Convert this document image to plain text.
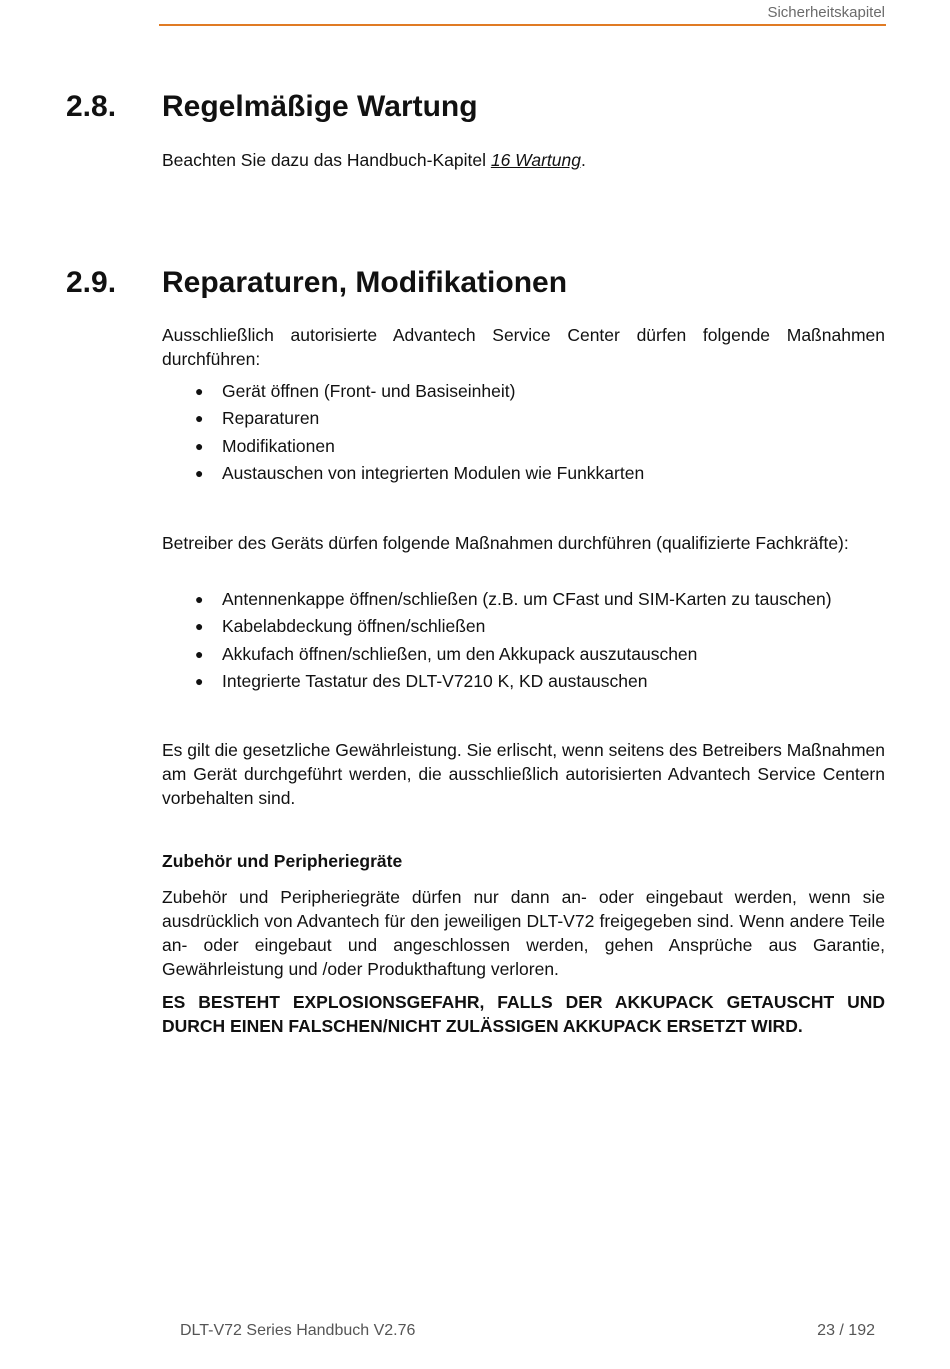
Sicherheitskapitel
2.8. Regelmäßige Wartung

Beachten Sie dazu das Handbuch-Kapitel 16 Wartung.

2.9. Reparaturen, Modifikationen

Ausschließlich autorisierte Advantech Service Center dürfen folgende Maßnahmen durchführen:

● Gerät öffnen (Front- und Basiseinheit)
● Reparaturen
● Modifikationen
● Austauschen von integrierten Modulen wie Funkkarten

Betreiber des Geräts dürfen folgende Maßnahmen durchführen (qualifizierte Fachkräfte):

● Antennenkappe öffnen/schließen (z.B. um CFast und SIM-Karten zu tauschen)
● Kabelabdeckung öffnen/schließen
● Akkufach öffnen/schließen, um den Akkupack auszutauschen
● Integrierte Tastatur des DLT-V7210 K, KD austauschen

Es gilt die gesetzliche Gewährleistung. Sie erlischt, wenn seitens des Betreibers Maßnahmen am Gerät durchgeführt werden, die ausschließlich autorisierten Advantech Service Centern vorbehalten sind.

Zubehör und Peripheriegräte

Zubehör und Peripheriegräte dürfen nur dann an- oder eingebaut werden, wenn sie ausdrücklich von Advantech für den jeweiligen DLT-V72 freigegeben sind. Wenn andere Teile an- oder eingebaut und angeschlossen werden, gehen Ansprüche aus Garantie, Gewährleistung und /oder Produkthaftung verloren.

ES BESTEHT EXPLOSIONSGEFAHR, FALLS DER AKKUPACK GETAUSCHT UND DURCH EINEN FALSCHEN/NICHT ZULÄSSIGEN AKKUPACK ERSETZT WIRD.

DLT-V72 Series Handbuch V2.76	23 / 192
